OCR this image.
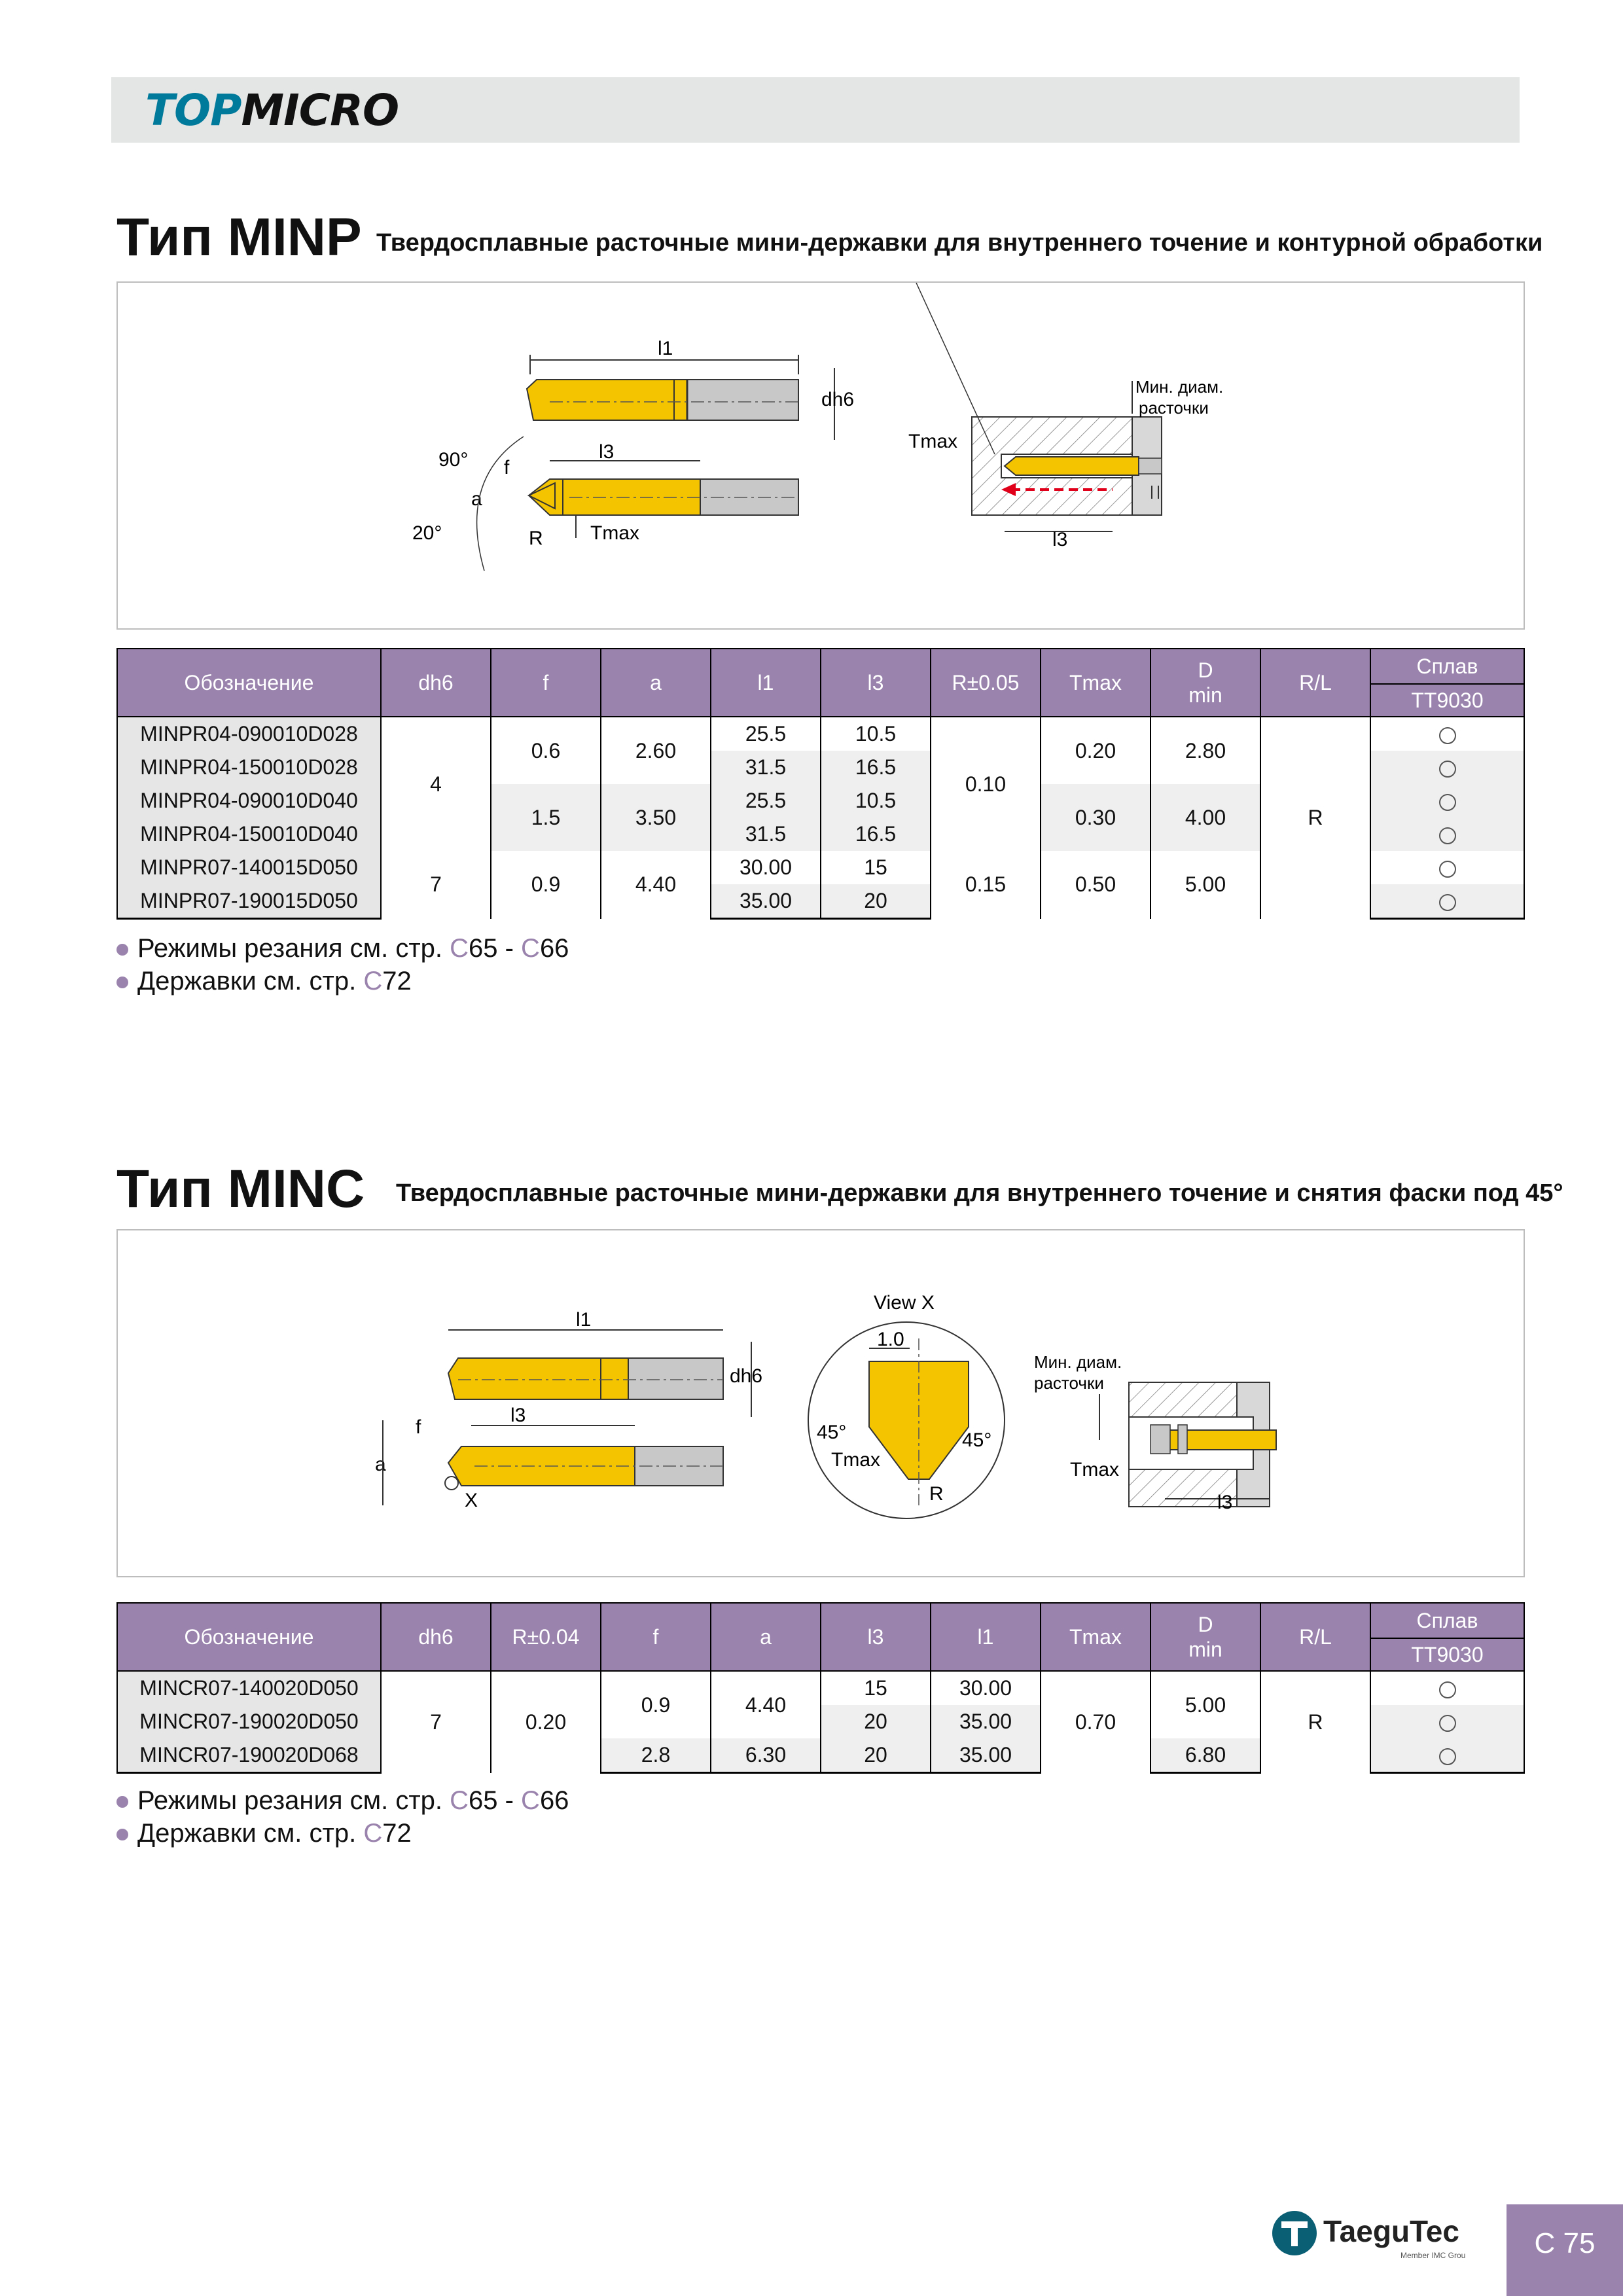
TOPMICRO
Тип MINP Твердосплавные расточные мини-державки для внутреннего точение и контурной обработки
l1
dh6
l3
f
a
90°
20°	R Tmax	l3
Tmax
Мин. диам.
расточки
Обозначение	dh6	f	a	l1	l3	R±0.05	Tmax	D
min	R/L	Сплав
										TT9030
MINPR04-090010D028	4	0.6	2.60	25.5	10.5	0.10	0.20	2.80	R	
MINPR04-150010D028				31.5	16.5					
MINPR04-090010D040		1.5	3.50	25.5	10.5		0.30	4.00		
MINPR04-150010D040				31.5	16.5					
MINPR07-140015D050	7	0.9	4.40	30.00	15	0.15	0.50	5.00		
MINPR07-190015D050				35.00	20					
Режимы резания см. стр. C65 - C66
Державки см. стр. C72
Тип MINC Твердосплавные расточные мини-державки для внутреннего точение и снятия фаски под 45°
l1
dh6
l3
f
a
X
View X
1.0
45°	45°
Tmax
R	l3
Tmax
Мин. диам.
расточки
Обозначение	dh6	R±0.04	f	a	l3	l1	Tmax	D
min	R/L	Сплав
										TT9030
MINCR07-140020D050	7	0.20	0.9	4.40	15	30.00	0.70	5.00	R	
MINCR07-190020D050					20	35.00				
MINCR07-190020D068			2.8	6.30	20	35.00		6.80		
Режимы резания см. стр. C65 - C66
Державки см. стр. C72
TaeguTec
Member IMC Group	C 75
